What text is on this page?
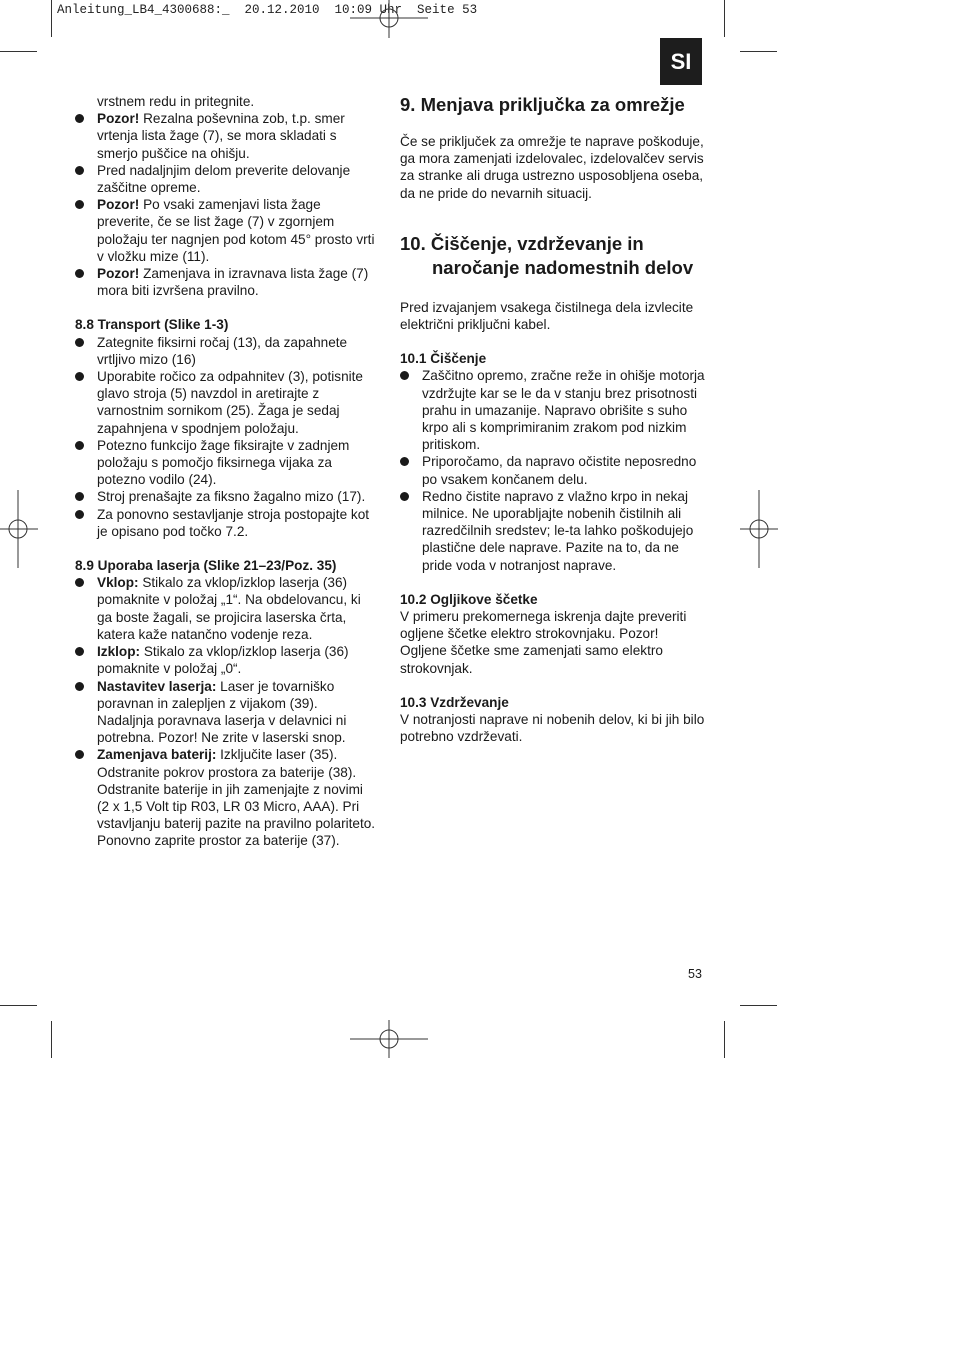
Anleitung_LB4_4300688:_  20.12.2010  10:09 Uhr  Seite 53
SI

vrstnem redu in pritegnite.

Pozor! Rezalna poševnina zob, t.p. smer vrtenja lista žage (7), se mora skladati s smerjo puščice na ohišju.
Pred nadaljnjim delom preverite delovanje zaščitne opreme.
Pozor! Po vsaki zamenjavi lista žage preverite, če se list žage (7) v zgornjem položaju ter nagnjen pod kotom 45° prosto vrti v vložku mize (11).
Pozor! Zamenjava in izravnava lista žage (7) mora biti izvršena pravilno.

8.8 Transport (Slike 1-3)

Zategnite fiksirni ročaj (13), da zapahnete vrtljivo mizo (16)
Uporabite ročico za odpahnitev (3), potisnite glavo stroja (5) navzdol in aretirajte z varnostnim sornikom (25). Žaga je sedaj zapahnjena v spodnjem položaju.
Potezno funkcijo žage fiksirajte v zadnjem položaju s pomočjo fiksirnega vijaka za potezno vodilo (24).
Stroj prenašajte za fiksno žagalno mizo (17).
Za ponovno sestavljanje stroja postopajte kot je opisano pod točko 7.2.

8.9 Uporaba laserja (Slike 21–23/Poz. 35)

Vklop: Stikalo za vklop/izklop laserja (36) pomaknite v položaj „1“. Na obdelovancu, ki ga boste žagali, se projicira laserska črta, katera kaže natančno vodenje reza.
Izklop: Stikalo za vklop/izklop laserja (36) pomaknite v položaj „0“.
Nastavitev laserja: Laser je tovarniško poravnan in zalepljen z vijakom (39). Nadaljnja poravnava laserja v delavnici ni potrebna. Pozor! Ne zrite v laserski snop.
Zamenjava baterij: Izključite laser (35). Odstranite pokrov prostora za baterije (38). Odstranite baterije in jih zamenjajte z novimi (2 x 1,5 Volt tip R03, LR 03 Micro, AAA). Pri vstavljanju baterij pazite na pravilno polariteto. Ponovno zaprite prostor za baterije (37).
9. Menjava priključka za omrežje

Če se priključek za omrežje te naprave poškoduje, ga mora zamenjati izdelovalec, izdelovalčev servis za stranke ali druga ustrezno usposobljena oseba, da ne pride do nevarnih situacij.

10. Čiščenje, vzdrževanje in naročanje nadomestnih delov

Pred izvajanjem vsakega čistilnega dela izvlecite električni priključni kabel.

10.1 Čiščenje

Zaščitno opremo, zračne reže in ohišje motorja vzdržujte kar se le da v stanju brez prisotnosti prahu in umazanije. Napravo obrišite s suho krpo ali s komprimiranim zrakom pod nizkim pritiskom.
Priporočamo, da napravo očistite neposredno po vsakem končanem delu.
Redno čistite napravo z vlažno krpo in nekaj milnice. Ne uporabljajte nobenih čistilnih ali razredčilnih sredstev; le-ta lahko poškodujejo plastične dele naprave. Pazite na to, da ne pride voda v notranjost naprave.

10.2 Ogljikove ščetke

V primeru prekomernega iskrenja dajte preveriti ogljene ščetke elektro strokovnjaku. Pozor! Ogljene ščetke sme zamenjati samo elektro strokovnjak.

10.3 Vzdrževanje

V notranjosti naprave ni nobenih delov, ki bi jih bilo potrebno vzdrževati.

53
